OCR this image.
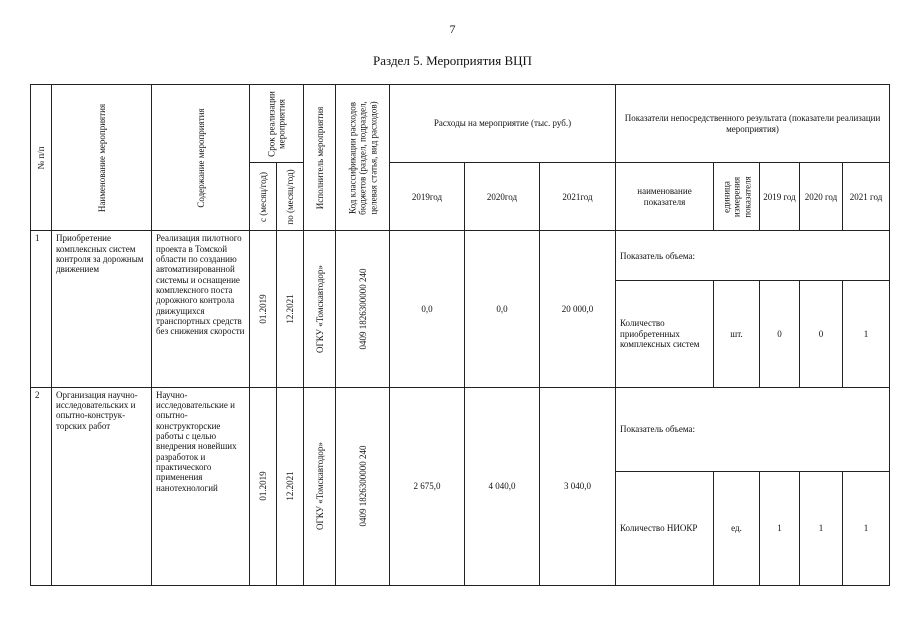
7
Раздел 5. Мероприятия ВЦП
№ п/п	Наименование мероприятия	Содержание мероприятия	Срок реализации мероприятия		Исполнитель мероприятия	Код классификации расходов бюджетов (раздел, подраздел, целевая статья, вид расходов)	Расходы на мероприятие (тыс. руб.)			Показатели непосредственного результата (показатели реализации мероприятия)				

			с (месяц/год)	по (месяц/год)			2019год	2020год	2021год	наименование показателя	единица измерения показателя	2019 год	2020 год	2021 год
1	Приобретение комплексных систем контроля за дорожным движением	Реализация пилотного проекта в Томской области по созданию автоматизированной системы и оснащение комплексного поста дорожного контрола движущихся транспортных средств без снижения скорости	01.2019	12.2021	ОГКУ «Томскавтодор»	0409 1826300000 240	0,0	0,0	20 000,0	Показатель объема:				
										Количество приобретенных комплексных систем	шт.	0	0	1
2	Организация научно-исследовательских и опытно-конструк-торских работ	Научно-исследовательские и опытно-конструкторские работы с целью внедрения новейших разработок и практического применения нанотехнологий	01.2019	12.2021	ОГКУ «Томскавтодор»	0409 1826300000 240	2 675,0	4 040,0	3 040,0	Показатель объема:				
										Количество НИОКР	ед.	1	1	1
